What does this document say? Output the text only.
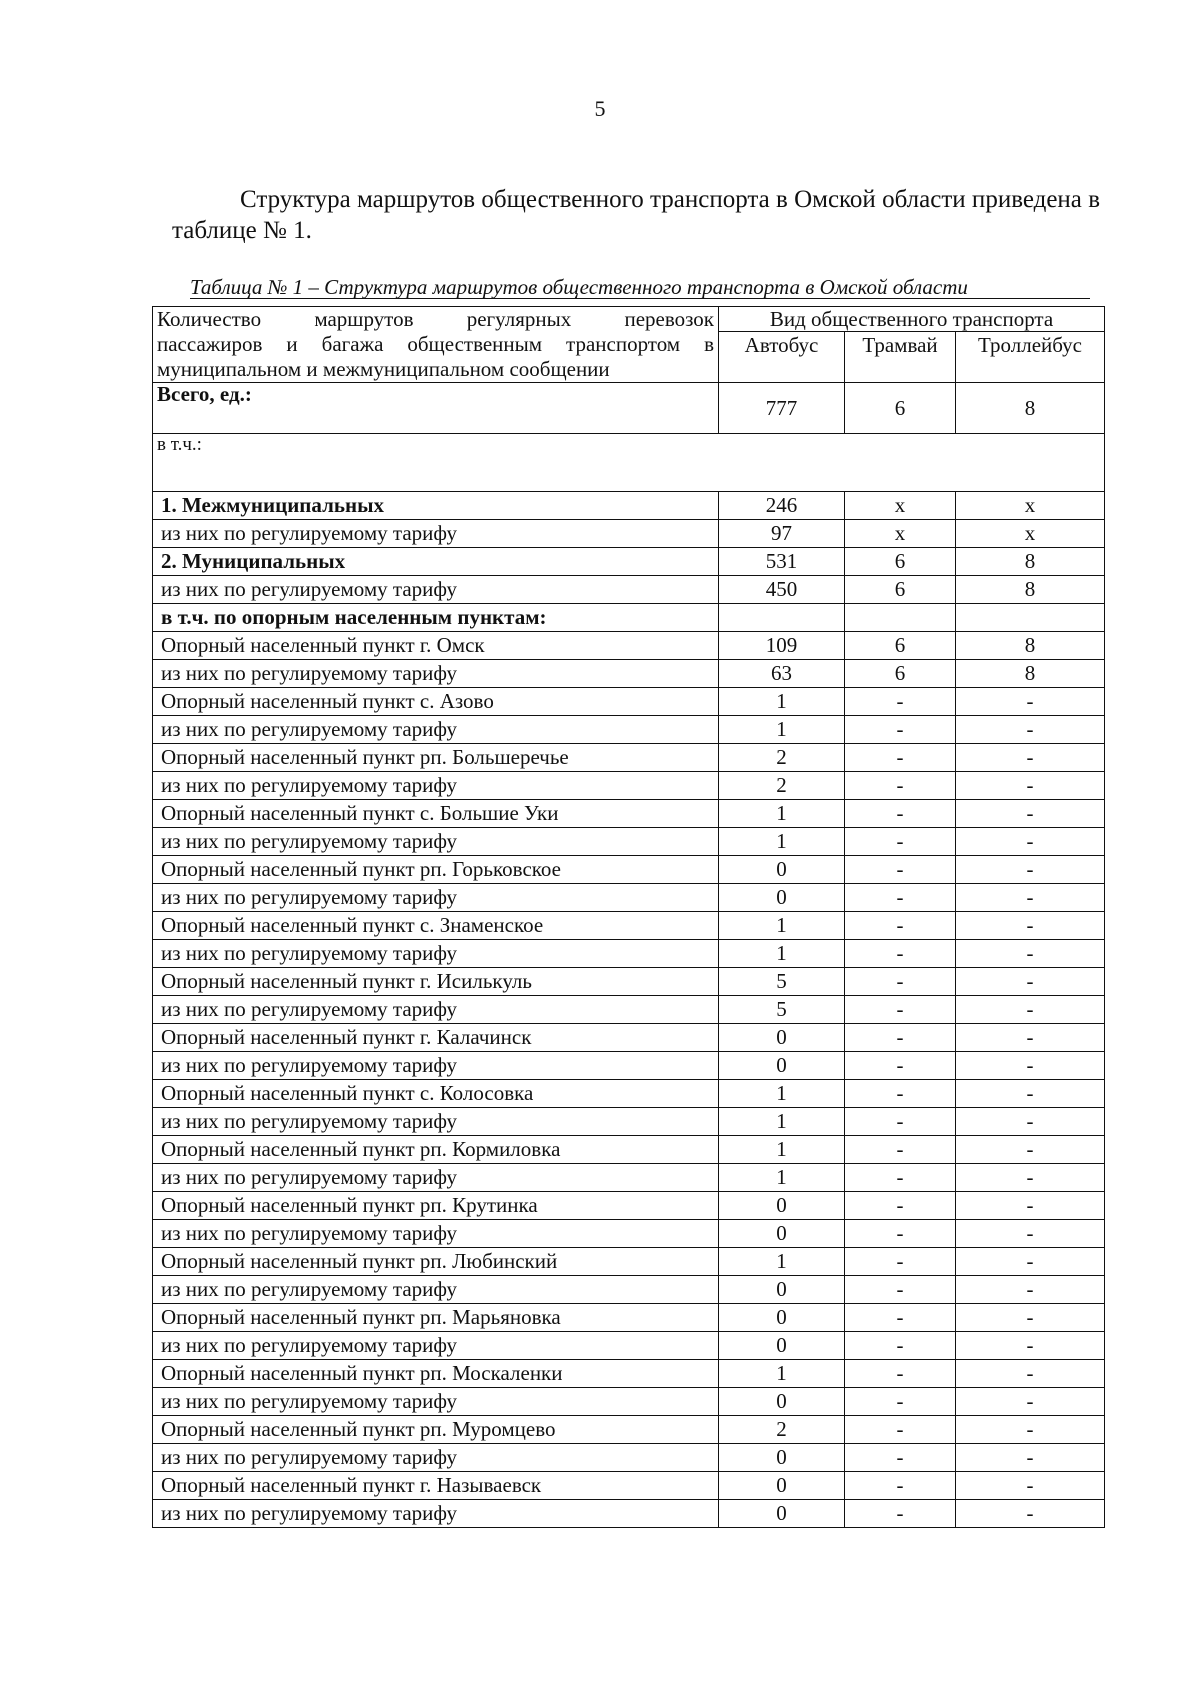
5

Структура маршрутов общественного транспорта в Омской области приведена в таблице № 1.

Таблица № 1 – Структура маршрутов общественного транспорта в Омской области
Количество маршрутов регулярных перевозок
пассажиров и багажа общественным транспортом в
муниципальном и межмуниципальном сообщении	Вид общественного транспорта		
	Автобус	Трамвай	Троллейбус
Всего, ед.:	777	6	8
в т.ч.:			
1. Межмуниципальных	246	х	х
из них по регулируемому тарифу	97	х	х
2. Муниципальных	531	6	8
из них по регулируемому тарифу	450	6	8
в т.ч. по опорным населенным пунктам:			
Опорный населенный пункт г. Омск	109	6	8
из них по регулируемому тарифу	63	6	8
Опорный населенный пункт с. Азово	1	-	-
из них по регулируемому тарифу	1	-	-
Опорный населенный пункт рп. Большеречье	2	-	-
из них по регулируемому тарифу	2	-	-
Опорный населенный пункт с. Большие Уки	1	-	-
из них по регулируемому тарифу	1	-	-
Опорный населенный пункт рп. Горьковское	0	-	-
из них по регулируемому тарифу	0	-	-
Опорный населенный пункт с. Знаменское	1	-	-
из них по регулируемому тарифу	1	-	-
Опорный населенный пункт г. Исилькуль	5	-	-
из них по регулируемому тарифу	5	-	-
Опорный населенный пункт г. Калачинск	0	-	-
из них по регулируемому тарифу	0	-	-
Опорный населенный пункт с. Колосовка	1	-	-
из них по регулируемому тарифу	1	-	-
Опорный населенный пункт рп. Кормиловка	1	-	-
из них по регулируемому тарифу	1	-	-
Опорный населенный пункт рп. Крутинка	0	-	-
из них по регулируемому тарифу	0	-	-
Опорный населенный пункт рп. Любинский	1	-	-
из них по регулируемому тарифу	0	-	-
Опорный населенный пункт рп. Марьяновка	0	-	-
из них по регулируемому тарифу	0	-	-
Опорный населенный пункт рп. Москаленки	1	-	-
из них по регулируемому тарифу	0	-	-
Опорный населенный пункт рп. Муромцево	2	-	-
из них по регулируемому тарифу	0	-	-
Опорный населенный пункт г. Называевск	0	-	-
из них по регулируемому тарифу	0	-	-
